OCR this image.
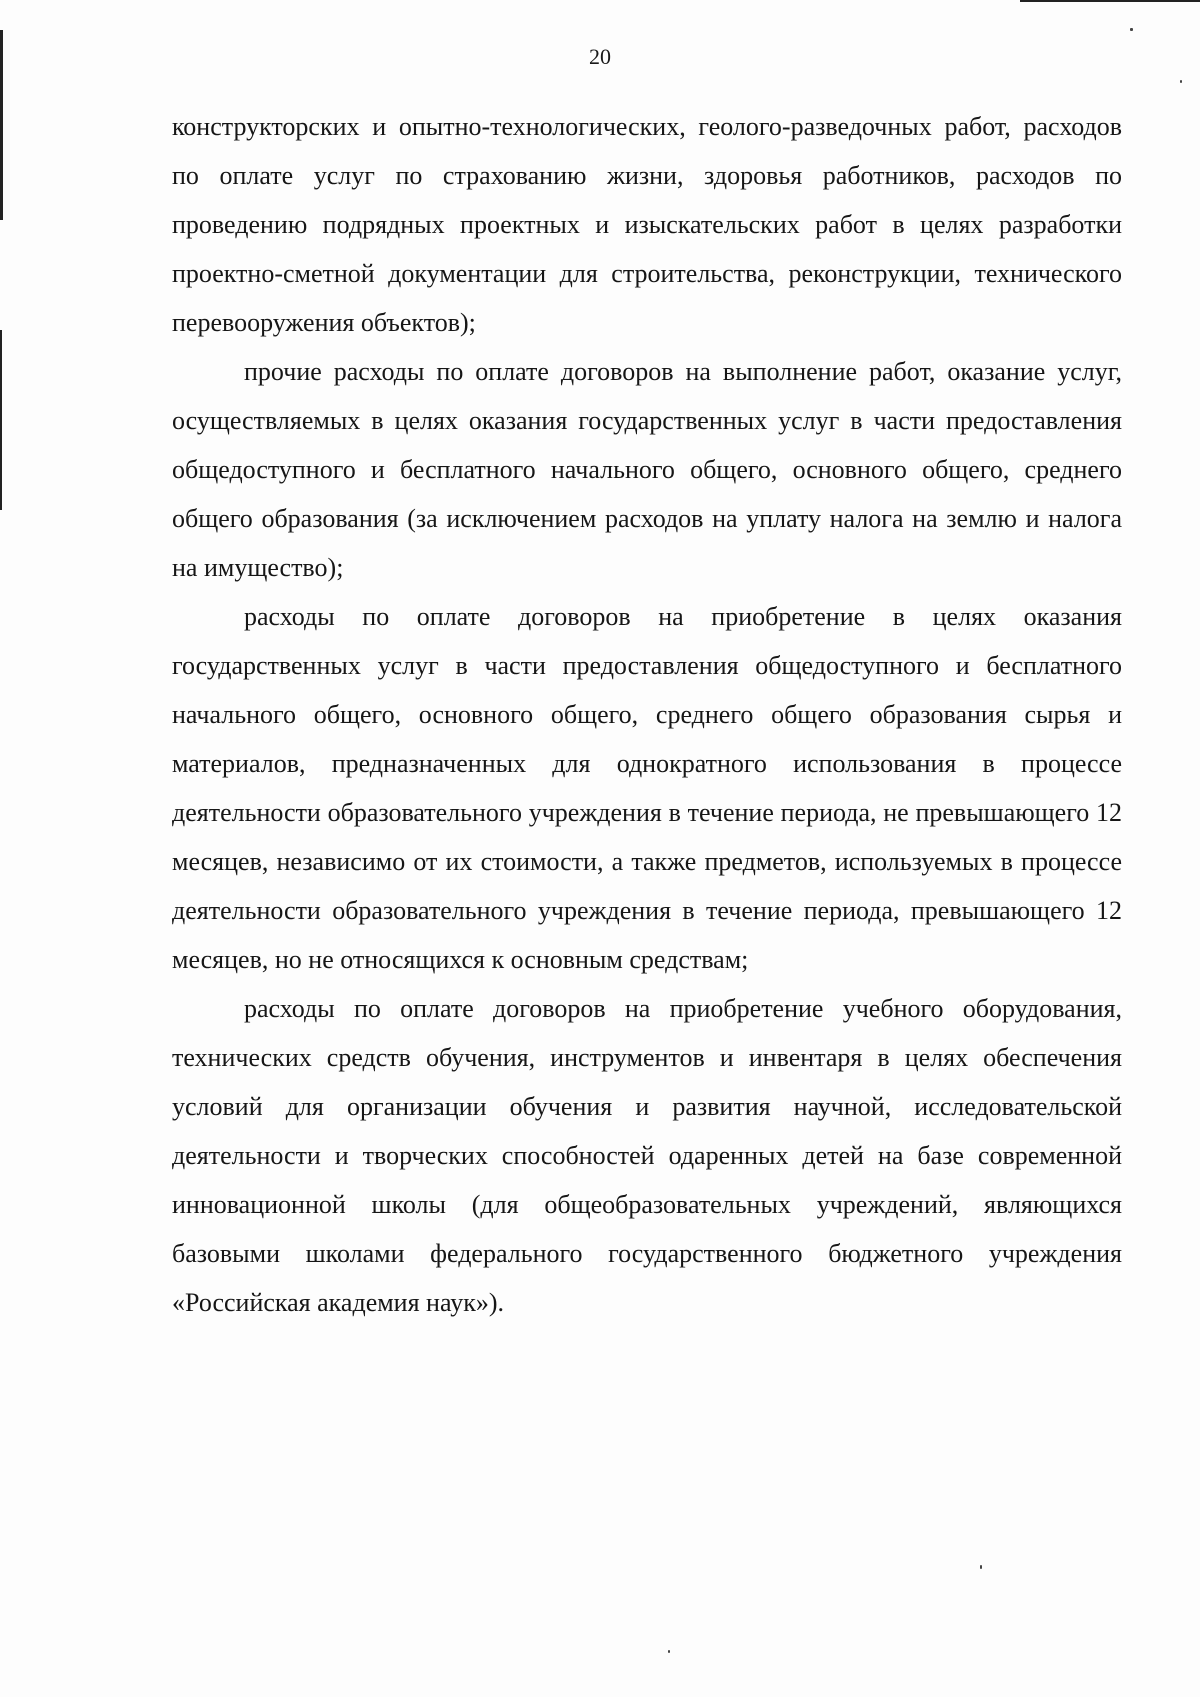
20

конструкторских и опытно-технологических, геолого-разведочных работ, расходов по оплате услуг по страхованию жизни, здоровья работников, расходов по проведению подрядных проектных и изыскательских работ в целях разработки проектно-сметной документации для строительства, реконструкции, технического перевооружения объектов);

прочие расходы по оплате договоров на выполнение работ, оказание услуг, осуществляемых в целях оказания государственных услуг в части предоставления общедоступного и бесплатного начального общего, основного общего, среднего общего образования (за исключением расходов на уплату налога на землю и налога на имущество);

расходы по оплате договоров на приобретение в целях оказания государственных услуг в части предоставления общедоступного и бесплатного начального общего, основного общего, среднего общего образования сырья и материалов, предназначенных для однократного использования в процессе деятельности образовательного учреждения в течение периода, не превышающего 12 месяцев, независимо от их стоимости, а также предметов, используемых в процессе деятельности образовательного учреждения в течение периода, превышающего 12 месяцев, но не относящихся к основным средствам;

расходы по оплате договоров на приобретение учебного оборудования, технических средств обучения, инструментов и инвентаря в целях обеспечения условий для организации обучения и развития научной, исследовательской деятельности и творческих способностей одаренных детей на базе современной инновационной школы (для общеобразовательных учреждений, являющихся базовыми школами федерального государственного бюджетного учреждения «Российская академия наук»).
